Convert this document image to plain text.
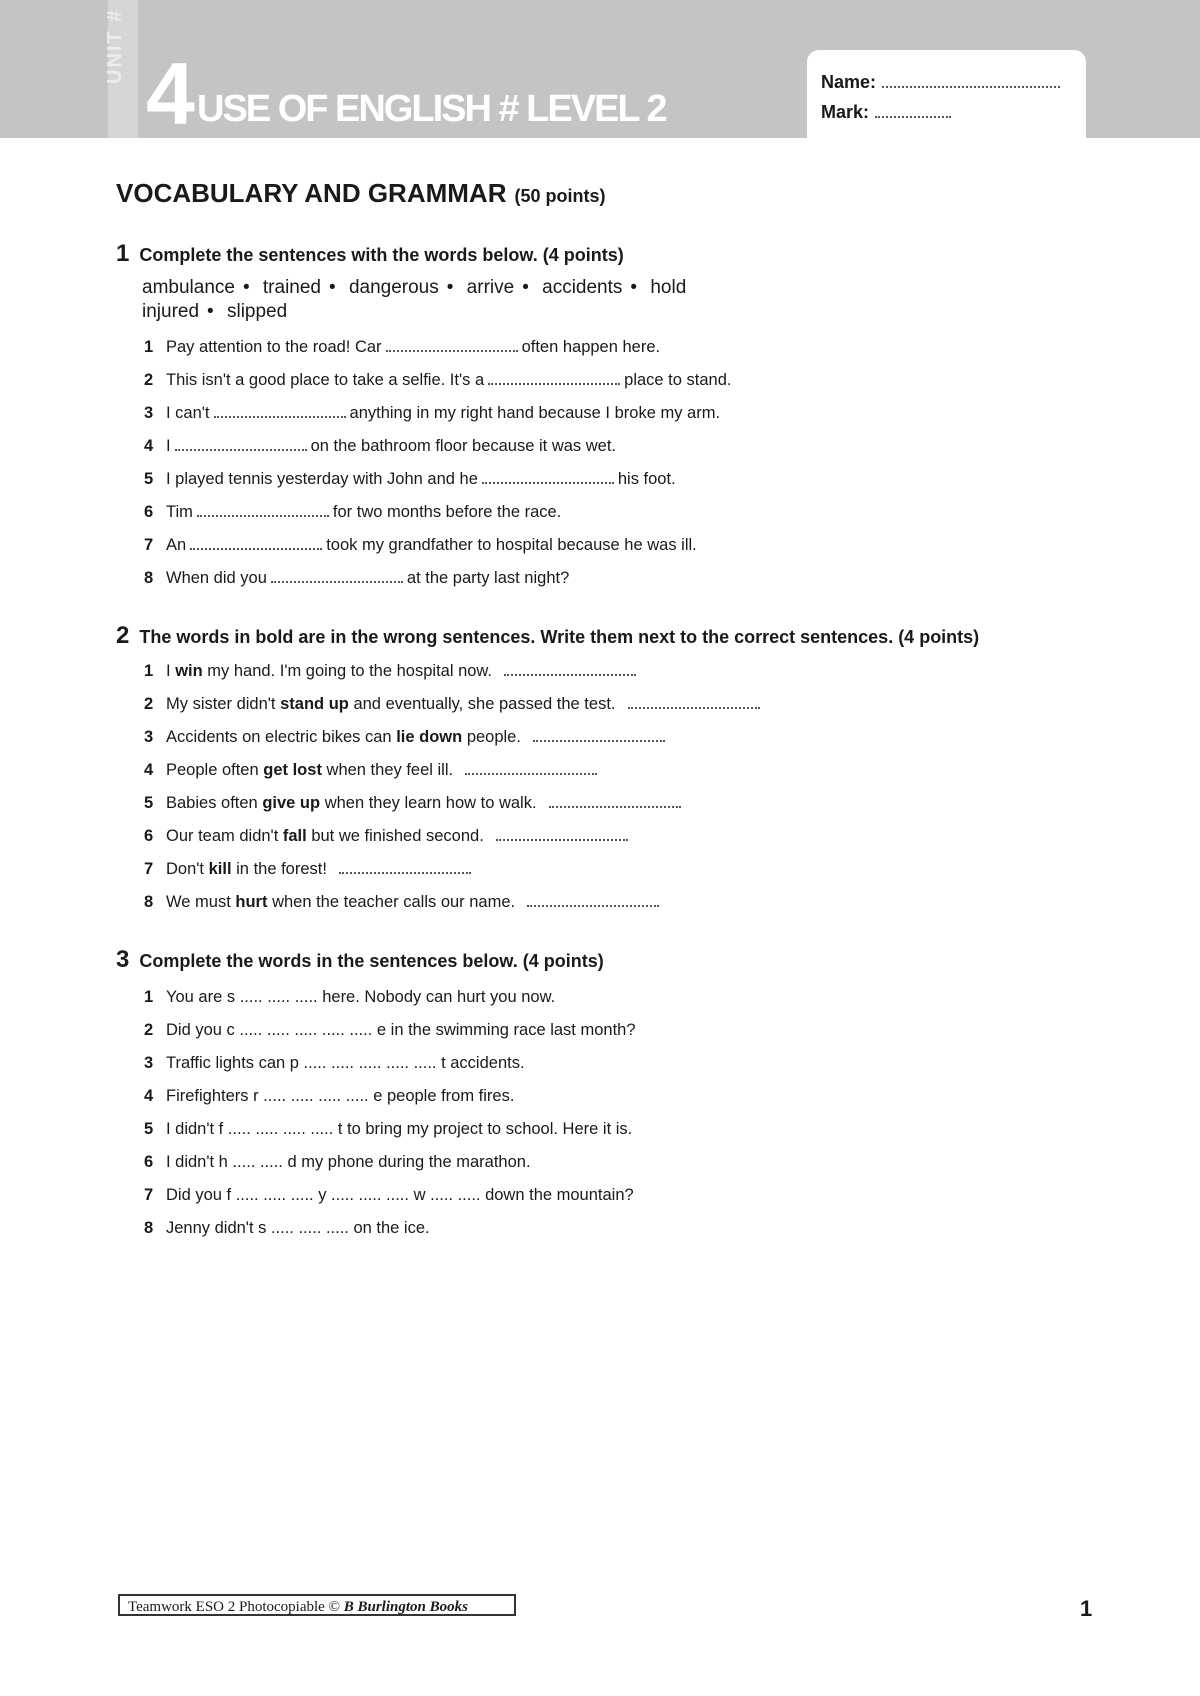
UNIT # 4 USE OF ENGLISH # LEVEL 2
Name:
Mark:
VOCABULARY AND GRAMMAR (50 points)
1 Complete the sentences with the words below. (4 points)
ambulance • trained • dangerous • arrive • accidents • hold
injured • slipped
1 Pay attention to the road! Car	often happen here.
2 This isn't a good place to take a selfie. It's a	place to stand.
3 I can't	anything in my right hand because I broke my arm.
4 I	on the bathroom floor because it was wet.
5 I played tennis yesterday with John and he	his foot.
6 Tim	for two months before the race.
7 An	took my grandfather to hospital because he was ill.
8 When did you	at the party last night?
2 The words in bold are in the wrong sentences. Write them next to the correct sentences. (4 points)
1 I win my hand. I'm going to the hospital now.
2 My sister didn't stand up and eventually, she passed the test.
3 Accidents on electric bikes can lie down people.
4 People often get lost when they feel ill.
5 Babies often give up when they learn how to walk.
6 Our team didn't fall but we finished second.
7 Don't kill in the forest!
8 We must hurt when the teacher calls our name.
3 Complete the words in the sentences below. (4 points)
1 You are s ..... ..... ..... here. Nobody can hurt you now.
2 Did you c ..... ..... ..... ..... ..... e in the swimming race last month?
3 Traffic lights can p ..... ..... ..... ..... ..... t accidents.
4 Firefighters r ..... ..... ..... ..... e people from fires.
5 I didn't f ..... ..... ..... ..... t to bring my project to school. Here it is.
6 I didn't h ..... ..... d my phone during the marathon.
7 Did you f ..... ..... ..... y ..... ..... ..... w ..... ..... down the mountain?
8 Jenny didn't s ..... ..... ..... on the ice.
Teamwork ESO 2 Photocopiable © B Burlington Books	1
